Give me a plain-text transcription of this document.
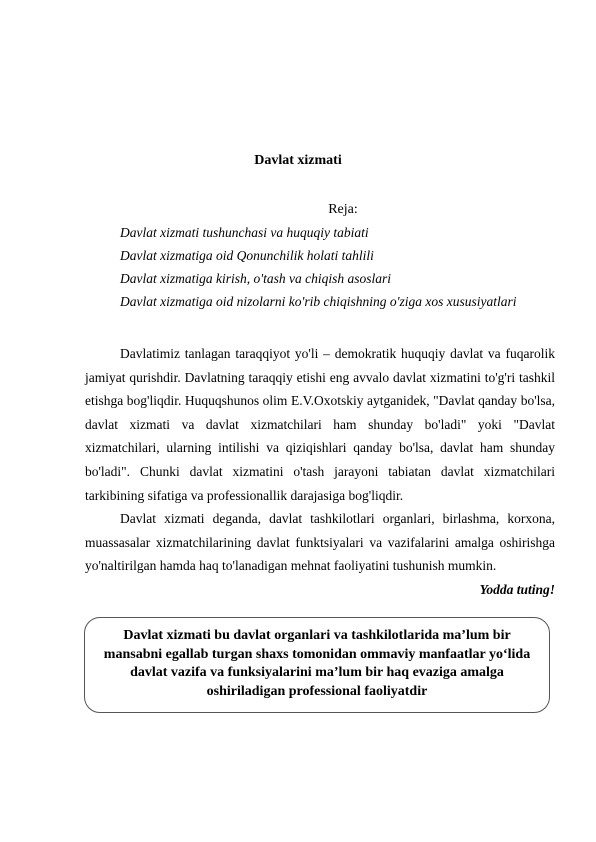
Davlat xizmati
Reja:
Davlat xizmati tushunchasi va huquqiy tabiati
Davlat xizmatiga oid Qonunchilik holati tahlili
Davlat xizmatiga kirish, o'tash va chiqish asoslari
Davlat xizmatiga oid nizolarni ko'rib chiqishning o'ziga xos xususiyatlari

Davlatimiz tanlagan taraqqiyot yo'li – demokratik huquqiy davlat va fuqarolik jamiyat qurishdir. Davlatning taraqqiy etishi eng avvalo davlat xizmatini to'g'ri tashkil etishga bog'liqdir. Huquqshunos olim E.V.Oxotskiy aytganidek, "Davlat qanday bo'lsa, davlat xizmati va davlat xizmatchilari ham shunday bo'ladi" yoki "Davlat xizmatchilari, ularning intilishi va qiziqishlari qanday bo'lsa, davlat ham shunday bo'ladi". Chunki davlat xizmatini o'tash jarayoni tabiatan davlat xizmatchilari tarkibining sifatiga va professionallik darajasiga bog'liqdir.

Davlat xizmati deganda, davlat tashkilotlari organlari, birlashma, korxona, muassasalar xizmatchilarining davlat funktsiyalari va vazifalarini amalga oshirishga yo'naltirilgan hamda haq to'lanadigan mehnat faoliyatini tushunish mumkin.

Yodda tuting!

Davlat xizmati bu davlat organlari va tashkilotlarida ma’lum bir mansabni egallab turgan shaxs tomonidan ommaviy manfaatlar yo‘lida davlat vazifa va funksiyalarini ma’lum bir haq evaziga amalga oshiriladigan professional faoliyatdir
